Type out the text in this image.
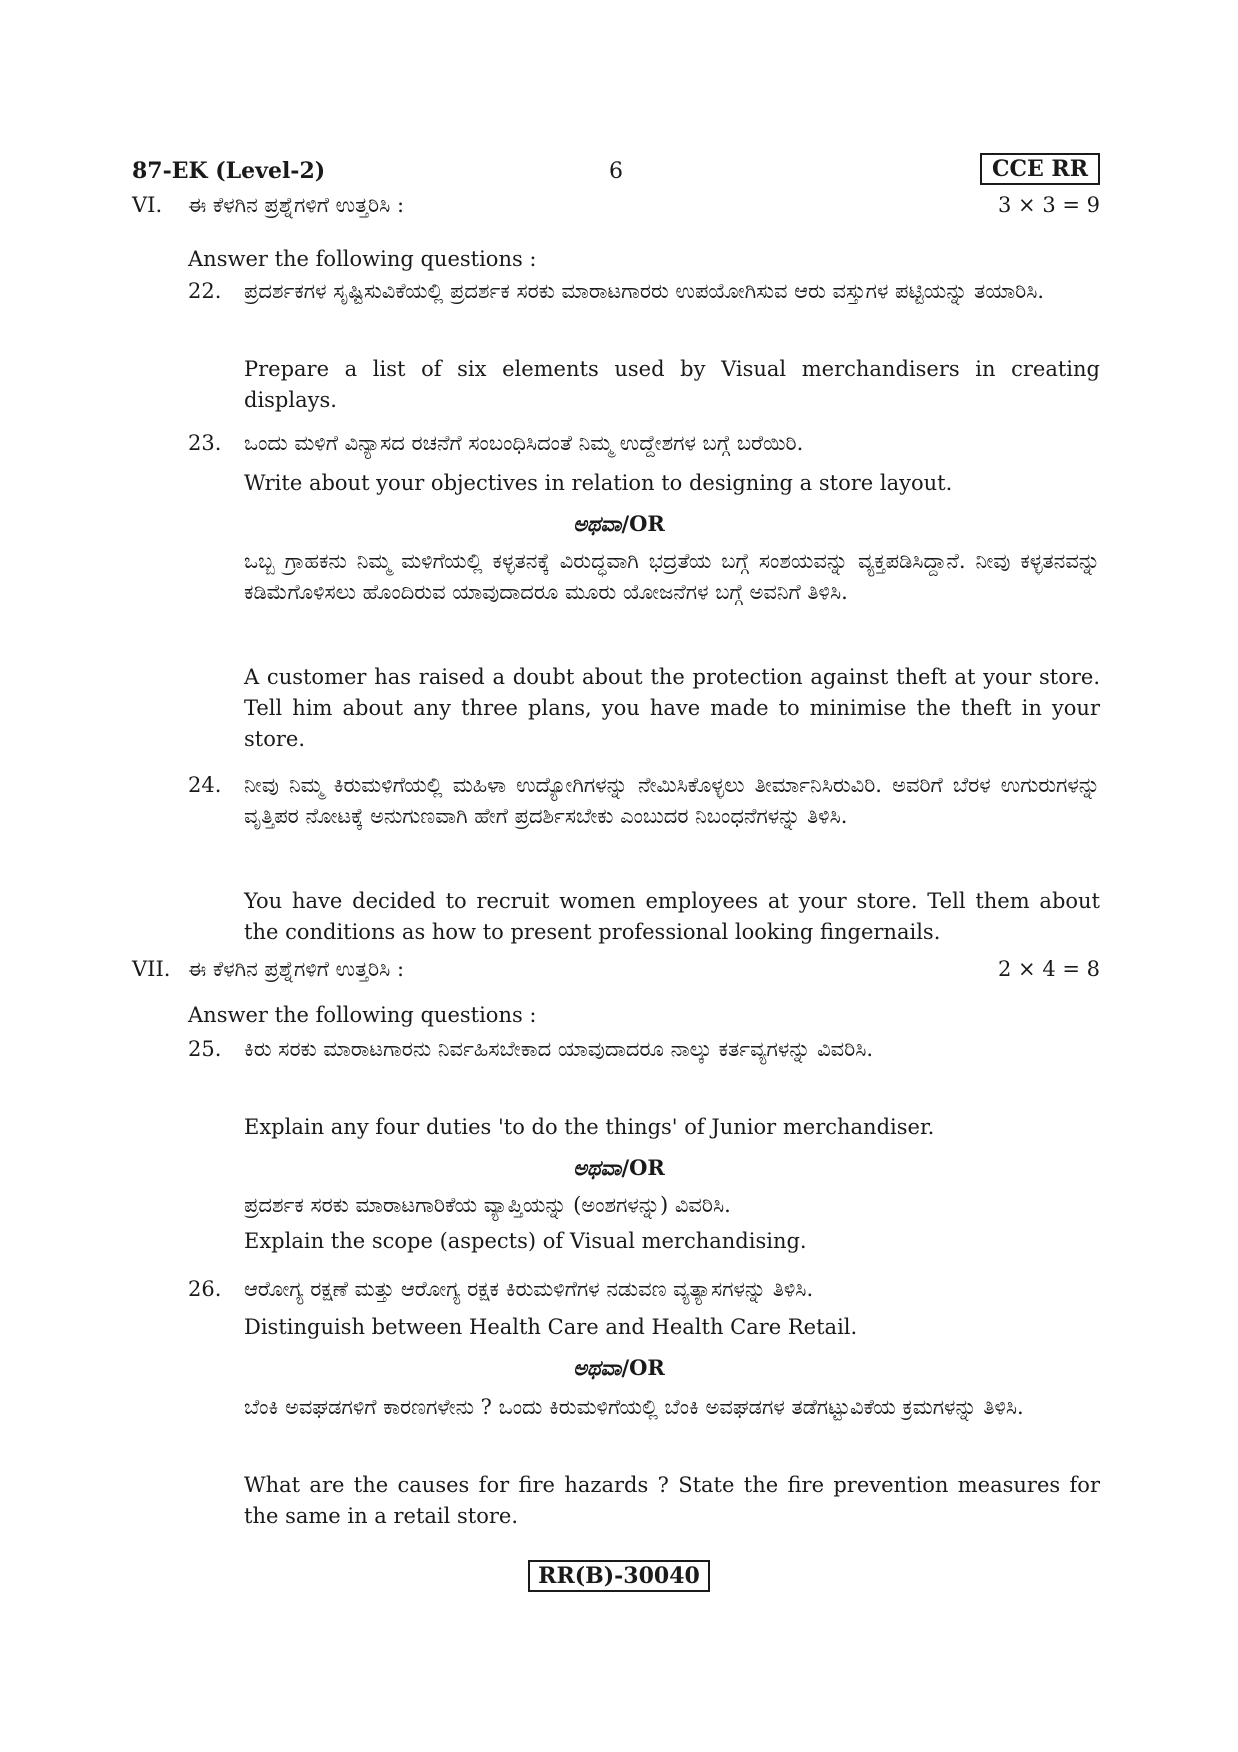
87-EK (Level-2)	6	CCE RR
VI. ಈ ಕೆಳಗಿನ ಪ್ರಶ್ನೆಗಳಿಗೆ ಉತ್ತರಿಸಿ :	3 × 3 = 9
Answer the following questions :
22.	ಪ್ರದರ್ಶಕಗಳ ಸೃಷ್ಟಿಸುವಿಕೆಯಲ್ಲಿ ಪ್ರದರ್ಶಕ ಸರಕು ಮಾರಾಟಗಾರರು ಉಪಯೋಗಿಸುವ ಆರು ವಸ್ತುಗಳ ಪಟ್ಟಿಯನ್ನು ತಯಾರಿಸಿ.
Prepare a list of six elements used by Visual merchandisers in creating displays.
23.	ಒಂದು ಮಳಿಗೆ ವಿನ್ಯಾಸದ ರಚನೆಗೆ ಸಂಬಂಧಿಸಿದಂತೆ ನಿಮ್ಮ ಉದ್ದೇಶಗಳ ಬಗ್ಗೆ ಬರೆಯಿರಿ.
Write about your objectives in relation to designing a store layout.
ಅಥವಾ/OR
ಒಬ್ಬ ಗ್ರಾಹಕನು ನಿಮ್ಮ ಮಳಿಗೆಯಲ್ಲಿ ಕಳ್ಳತನಕ್ಕೆ ವಿರುದ್ಧವಾಗಿ ಭದ್ರತೆಯ ಬಗ್ಗೆ ಸಂಶಯವನ್ನು ವ್ಯಕ್ತಪಡಿಸಿದ್ದಾನೆ. ನೀವು ಕಳ್ಳತನವನ್ನು ಕಡಿಮೆಗೊಳಿಸಲು ಹೊಂದಿರುವ ಯಾವುದಾದರೂ ಮೂರು ಯೋಜನೆಗಳ ಬಗ್ಗೆ ಅವನಿಗೆ ತಿಳಿಸಿ.
A customer has raised a doubt about the protection against theft at your store. Tell him about any three plans, you have made to minimise the theft in your store.
24.	ನೀವು ನಿಮ್ಮ ಕಿರುಮಳಿಗೆಯಲ್ಲಿ ಮಹಿಳಾ ಉದ್ಯೋಗಿಗಳನ್ನು ನೇಮಿಸಿಕೊಳ್ಳಲು ತೀರ್ಮಾನಿಸಿರುವಿರಿ. ಅವರಿಗೆ ಬೆರಳ ಉಗುರುಗಳನ್ನು ವೃತ್ತಿಪರ ನೋಟಕ್ಕೆ ಅನುಗುಣವಾಗಿ ಹೇಗೆ ಪ್ರದರ್ಶಿಸಬೇಕು ಎಂಬುದರ ನಿಬಂಧನೆಗಳನ್ನು ತಿಳಿಸಿ.
You have decided to recruit women employees at your store. Tell them about the conditions as how to present professional looking fingernails.
VII. ಈ ಕೆಳಗಿನ ಪ್ರಶ್ನೆಗಳಿಗೆ ಉತ್ತರಿಸಿ :	2 × 4 = 8
Answer the following questions :
25.	ಕಿರು ಸರಕು ಮಾರಾಟಗಾರನು ನಿರ್ವಹಿಸಬೇಕಾದ ಯಾವುದಾದರೂ ನಾಲ್ಕು ಕರ್ತವ್ಯಗಳನ್ನು ವಿವರಿಸಿ.
Explain any four duties 'to do the things' of Junior merchandiser.
ಅಥವಾ/OR
ಪ್ರದರ್ಶಕ ಸರಕು ಮಾರಾಟಗಾರಿಕೆಯ ವ್ಯಾಪ್ತಿಯನ್ನು (ಅಂಶಗಳನ್ನು) ವಿವರಿಸಿ.
Explain the scope (aspects) of Visual merchandising.
26.	ಆರೋಗ್ಯ ರಕ್ಷಣೆ ಮತ್ತು ಆರೋಗ್ಯ ರಕ್ಷಕ ಕಿರುಮಳಿಗೆಗಳ ನಡುವಣ ವ್ಯತ್ಯಾಸಗಳನ್ನು ತಿಳಿಸಿ.
Distinguish between Health Care and Health Care Retail.
ಅಥವಾ/OR
ಬೆಂಕಿ ಅವಘಡಗಳಿಗೆ ಕಾರಣಗಳೇನು ? ಒಂದು ಕಿರುಮಳಿಗೆಯಲ್ಲಿ ಬೆಂಕಿ ಅವಘಡಗಳ ತಡೆಗಟ್ಟುವಿಕೆಯ ಕ್ರಮಗಳನ್ನು ತಿಳಿಸಿ.
What are the causes for fire hazards ? State the fire prevention measures for the same in a retail store.
RR(B)-30040
